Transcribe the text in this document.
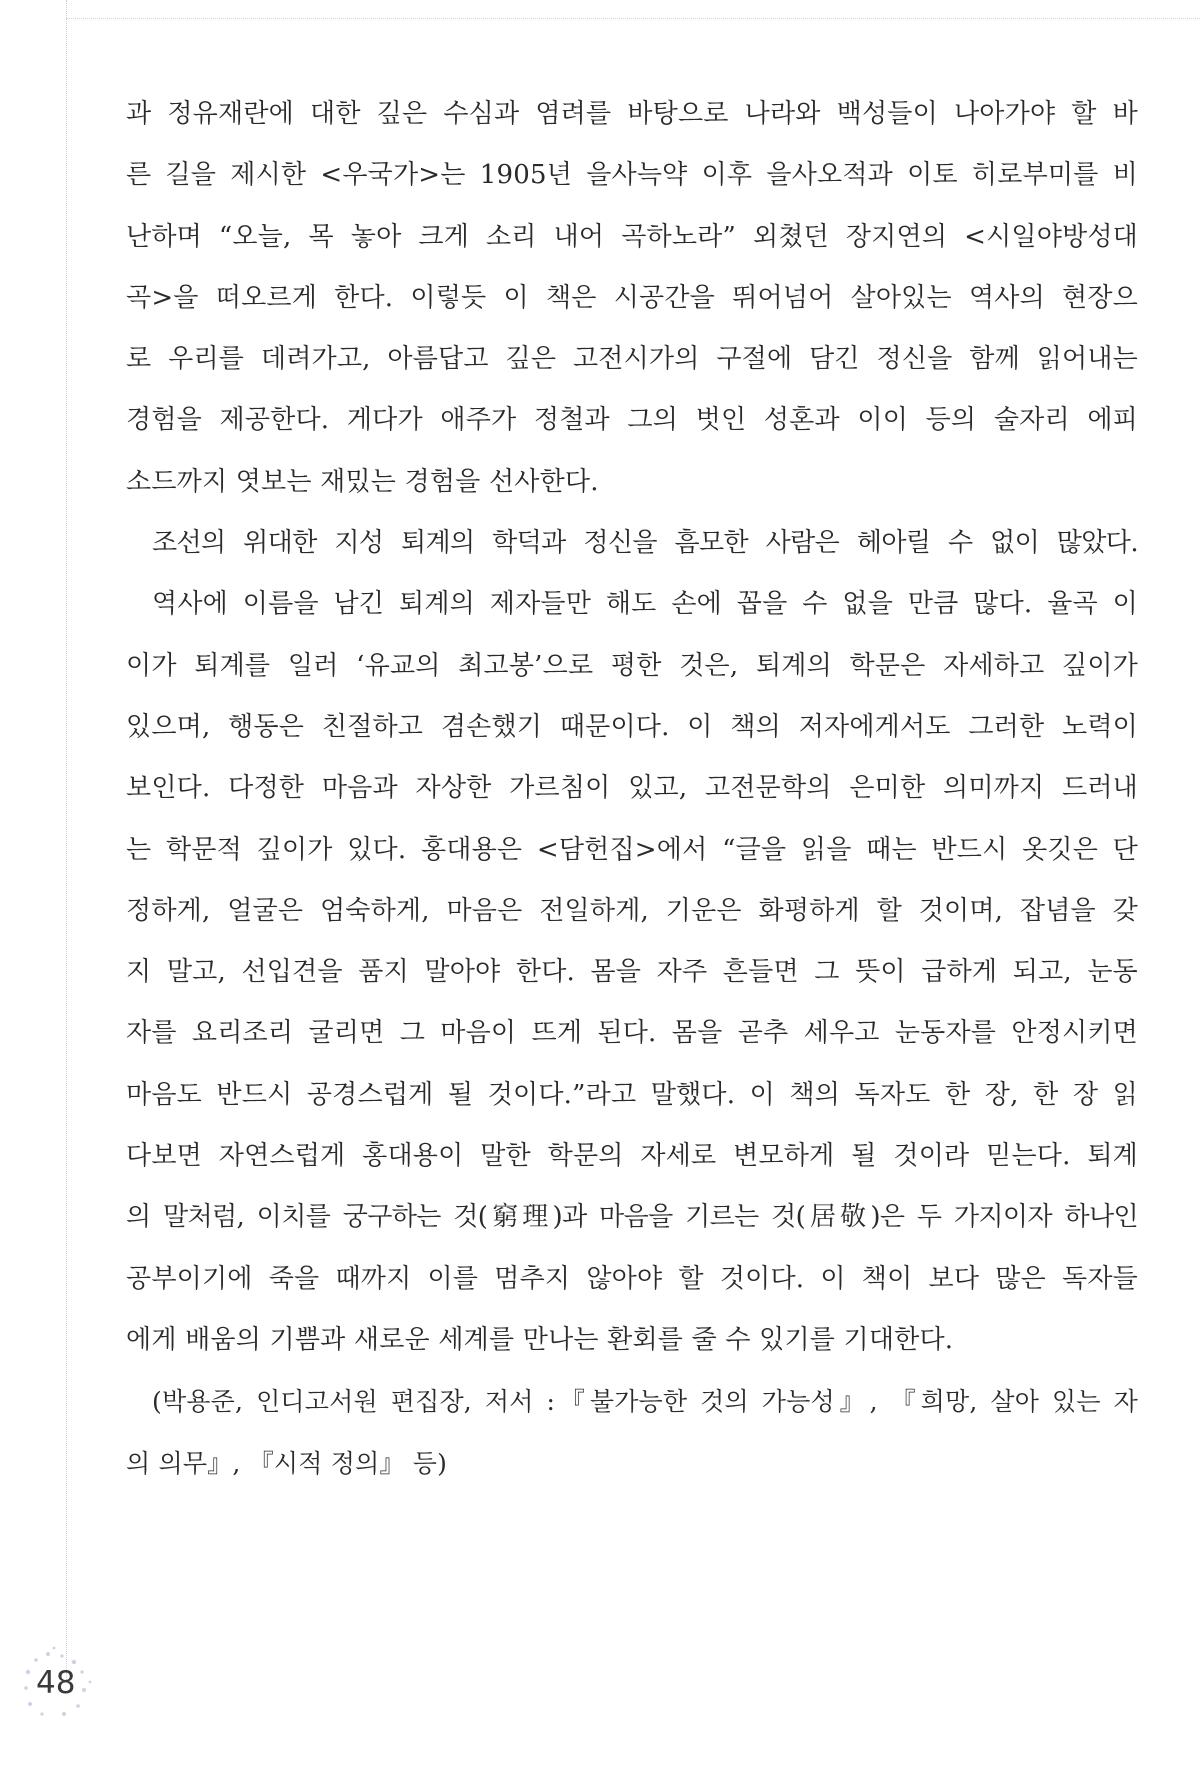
과 정유재란에 대한 깊은 수심과 염려를 바탕으로 나라와 백성들이 나아가야 할 바
른 길을 제시한 <우국가>는 1905년 을사늑약 이후 을사오적과 이토 히로부미를 비
난하며 “오늘, 목 놓아 크게 소리 내어 곡하노라” 외쳤던 장지연의 <시일야방성대
곡>을 떠오르게 한다. 이렇듯 이 책은 시공간을 뛰어넘어 살아있는 역사의 현장으
로 우리를 데려가고, 아름답고 깊은 고전시가의 구절에 담긴 정신을 함께 읽어내는
경험을 제공한다. 게다가 애주가 정철과 그의 벗인 성혼과 이이 등의 술자리 에피
소드까지 엿보는 재밌는 경험을 선사한다.
조선의 위대한 지성 퇴계의 학덕과 정신을 흠모한 사람은 헤아릴 수 없이 많았다.
역사에 이름을 남긴 퇴계의 제자들만 해도 손에 꼽을 수 없을 만큼 많다. 율곡 이
이가 퇴계를 일러 ‘유교의 최고봉’으로 평한 것은, 퇴계의 학문은 자세하고 깊이가
있으며, 행동은 친절하고 겸손했기 때문이다. 이 책의 저자에게서도 그러한 노력이
보인다. 다정한 마음과 자상한 가르침이 있고, 고전문학의 은미한 의미까지 드러내
는 학문적 깊이가 있다. 홍대용은 <담헌집>에서 “글을 읽을 때는 반드시 옷깃은 단
정하게, 얼굴은 엄숙하게, 마음은 전일하게, 기운은 화평하게 할 것이며, 잡념을 갖
지 말고, 선입견을 품지 말아야 한다. 몸을 자주 흔들면 그 뜻이 급하게 되고, 눈동
자를 요리조리 굴리면 그 마음이 뜨게 된다. 몸을 곧추 세우고 눈동자를 안정시키면
마음도 반드시 공경스럽게 될 것이다.”라고 말했다. 이 책의 독자도 한 장, 한 장 읽
다보면 자연스럽게 홍대용이 말한 학문의 자세로 변모하게 될 것이라 믿는다. 퇴계
의 말처럼, 이치를 궁구하는 것(窮理)과 마음을 기르는 것(居敬)은 두 가지이자 하나인
공부이기에 죽을 때까지 이를 멈추지 않아야 할 것이다. 이 책이 보다 많은 독자들
에게 배움의 기쁨과 새로운 세계를 만나는 환회를 줄 수 있기를 기대한다.
(박용준, 인디고서원 편집장, 저서 :『불가능한 것의 가능성』, 『희망, 살아 있는 자
의 의무』, 『시적 정의』 등)
48
